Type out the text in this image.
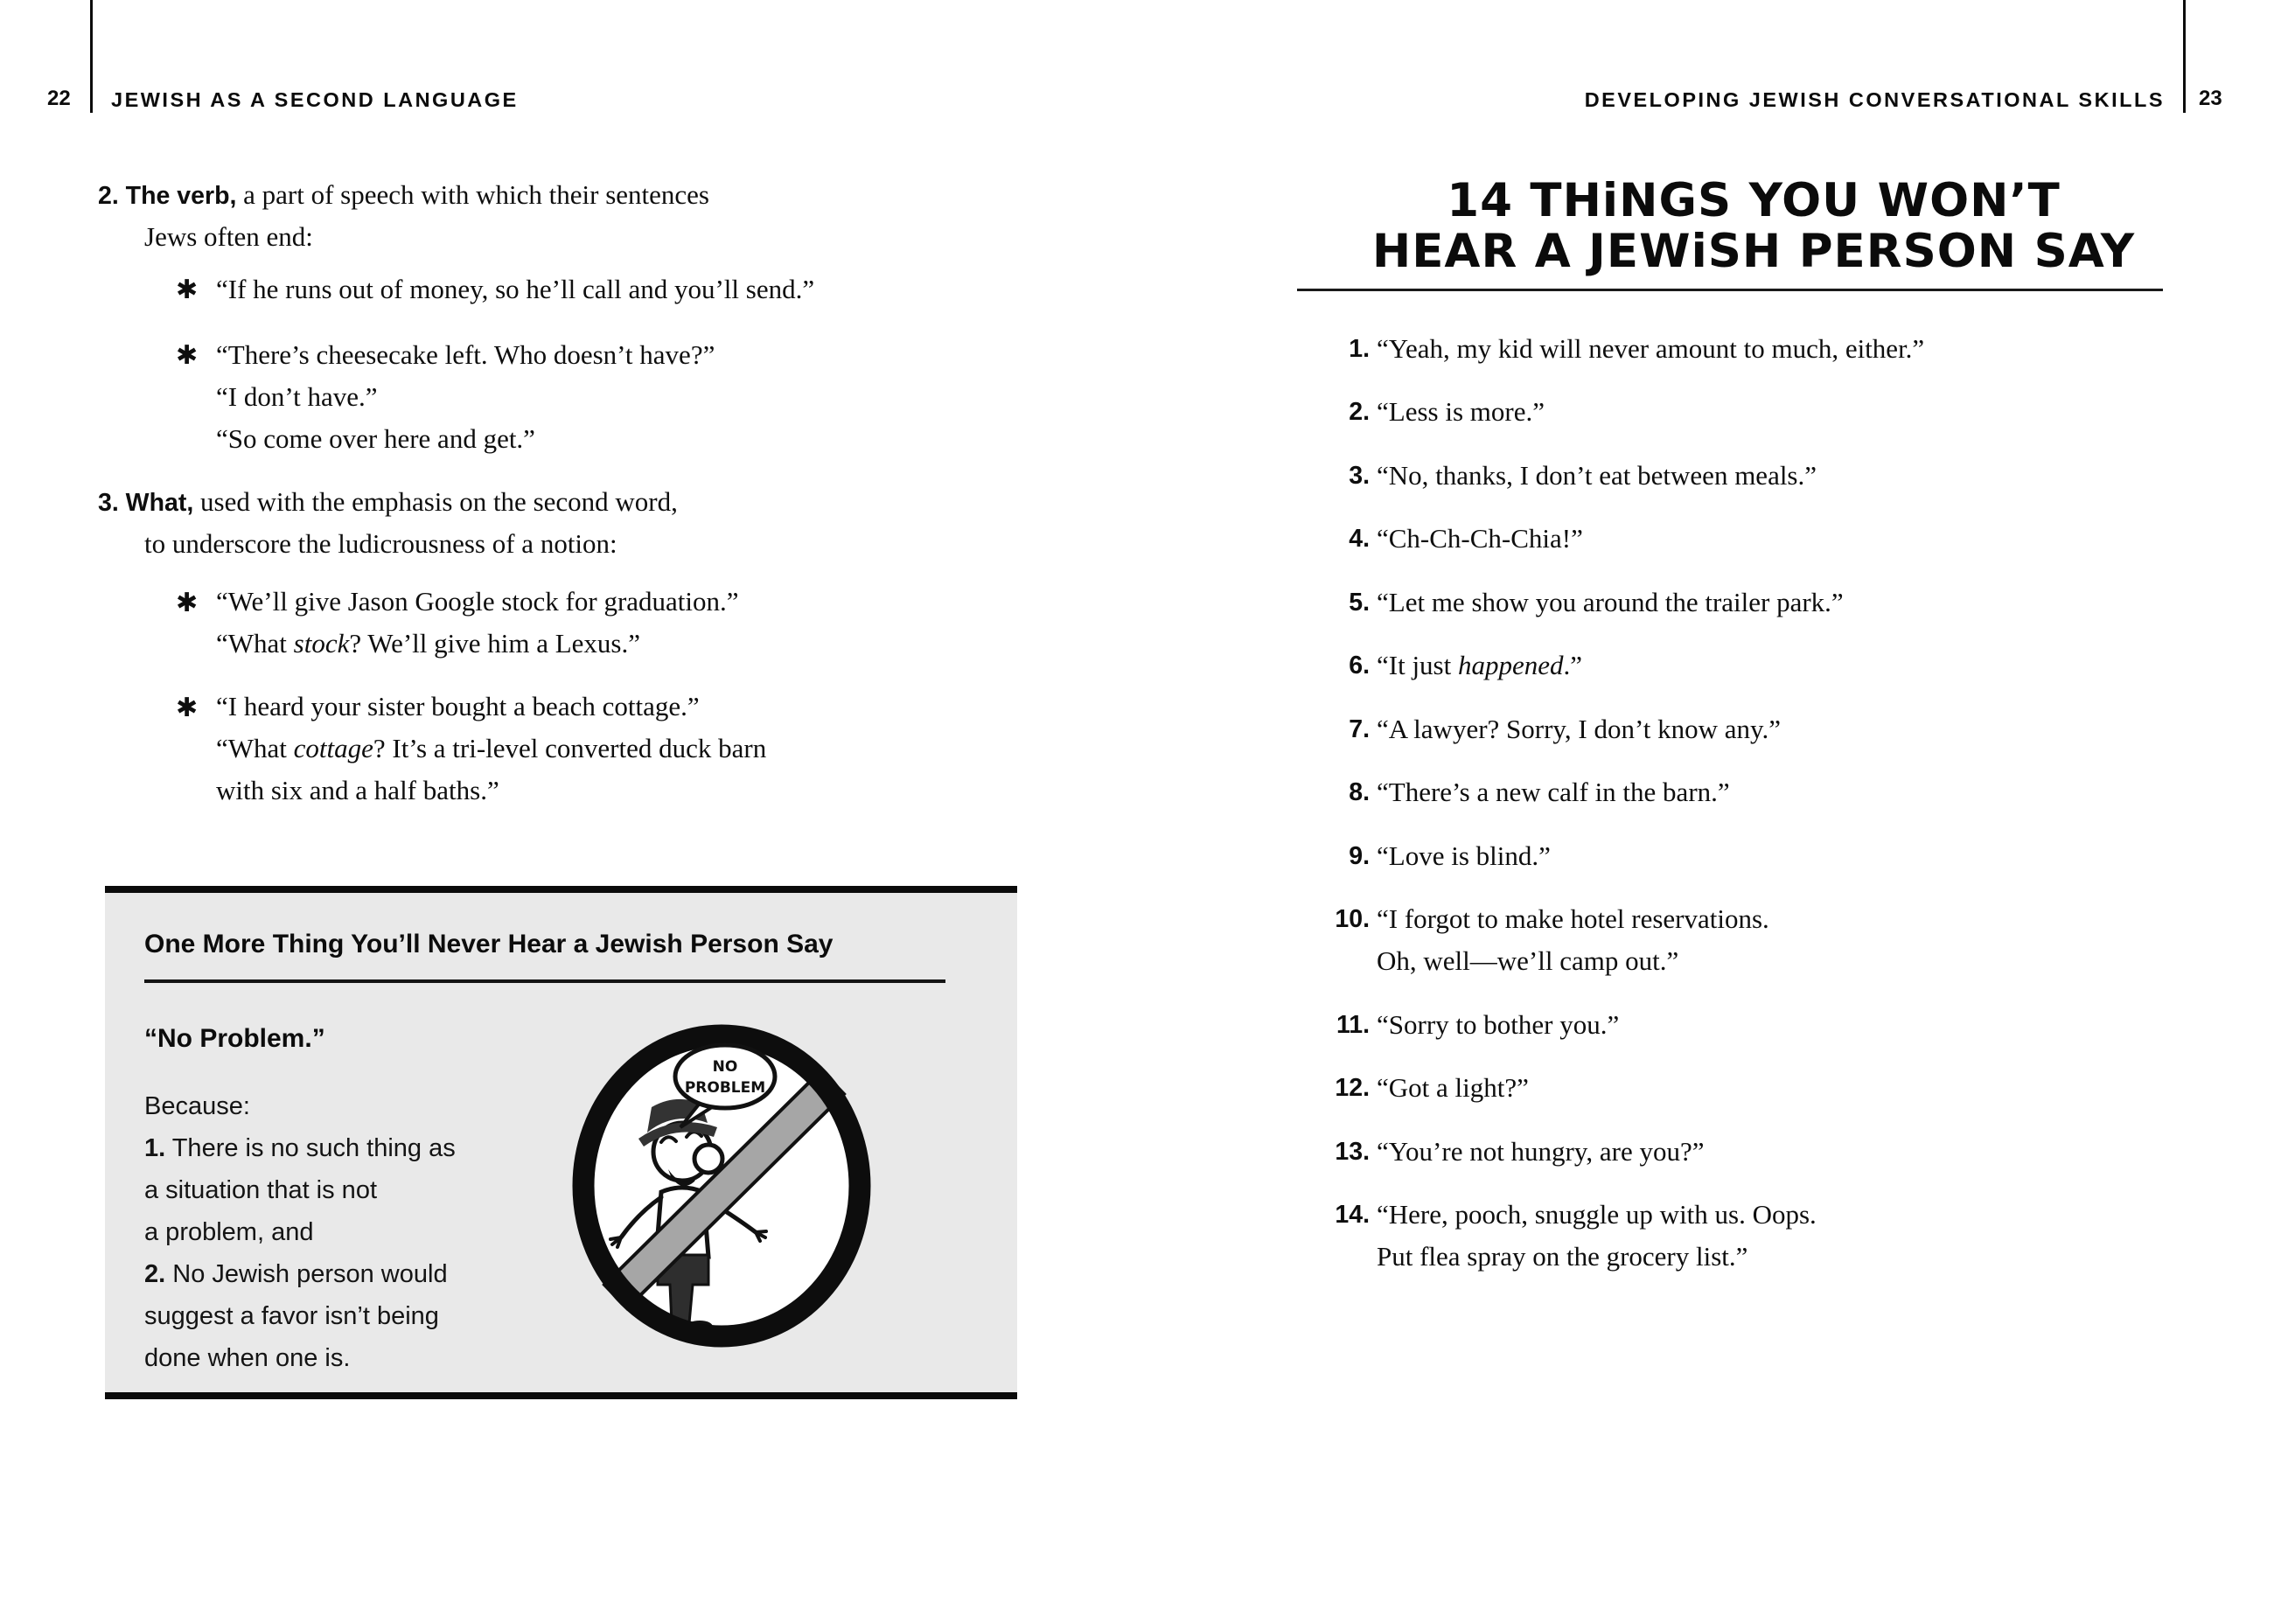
22 JEWISH AS A SECOND LANGUAGE	DEVELOPING JEWISH CONVERSATIONAL SKILLS 23
2. The verb, a part of speech with which their sentences
Jews often end:
✱ “If he runs out of money, so he’ll call and you’ll send.”
✱ “There’s cheesecake left. Who doesn’t have?”
“I don’t have.”
“So come over here and get.”
3. What, used with the emphasis on the second word,
to underscore the ludicrousness of a notion:
✱ “We’ll give Jason Google stock for graduation.”
“What stock? We’ll give him a Lexus.”
✱ “I heard your sister bought a beach cottage.”
“What cottage? It’s a tri-level converted duck barn
with six and a half baths.”
One More Thing You’ll Never Hear a Jewish Person Say
“No Problem.”
Because:
1. There is no such thing as
a situation that is not
a problem, and
2. No Jewish person would
suggest a favor isn’t being
done when one is.
NO
PROBLEM
14 THiNGS YOU WON’T
HEAR A JEWiSH PERSON SAY
1. “Yeah, my kid will never amount to much, either.”
2. “Less is more.”
3. “No, thanks, I don’t eat between meals.”
4. “Ch-Ch-Ch-Chia!”
5. “Let me show you around the trailer park.”
6. “It just happened.”
7. “A lawyer? Sorry, I don’t know any.”
8. “There’s a new calf in the barn.”
9. “Love is blind.”
10. “I forgot to make hotel reservations.
Oh, well—we’ll camp out.”
11. “Sorry to bother you.”
12. “Got a light?”
13. “You’re not hungry, are you?”
14. “Here, pooch, snuggle up with us. Oops.
Put flea spray on the grocery list.”
